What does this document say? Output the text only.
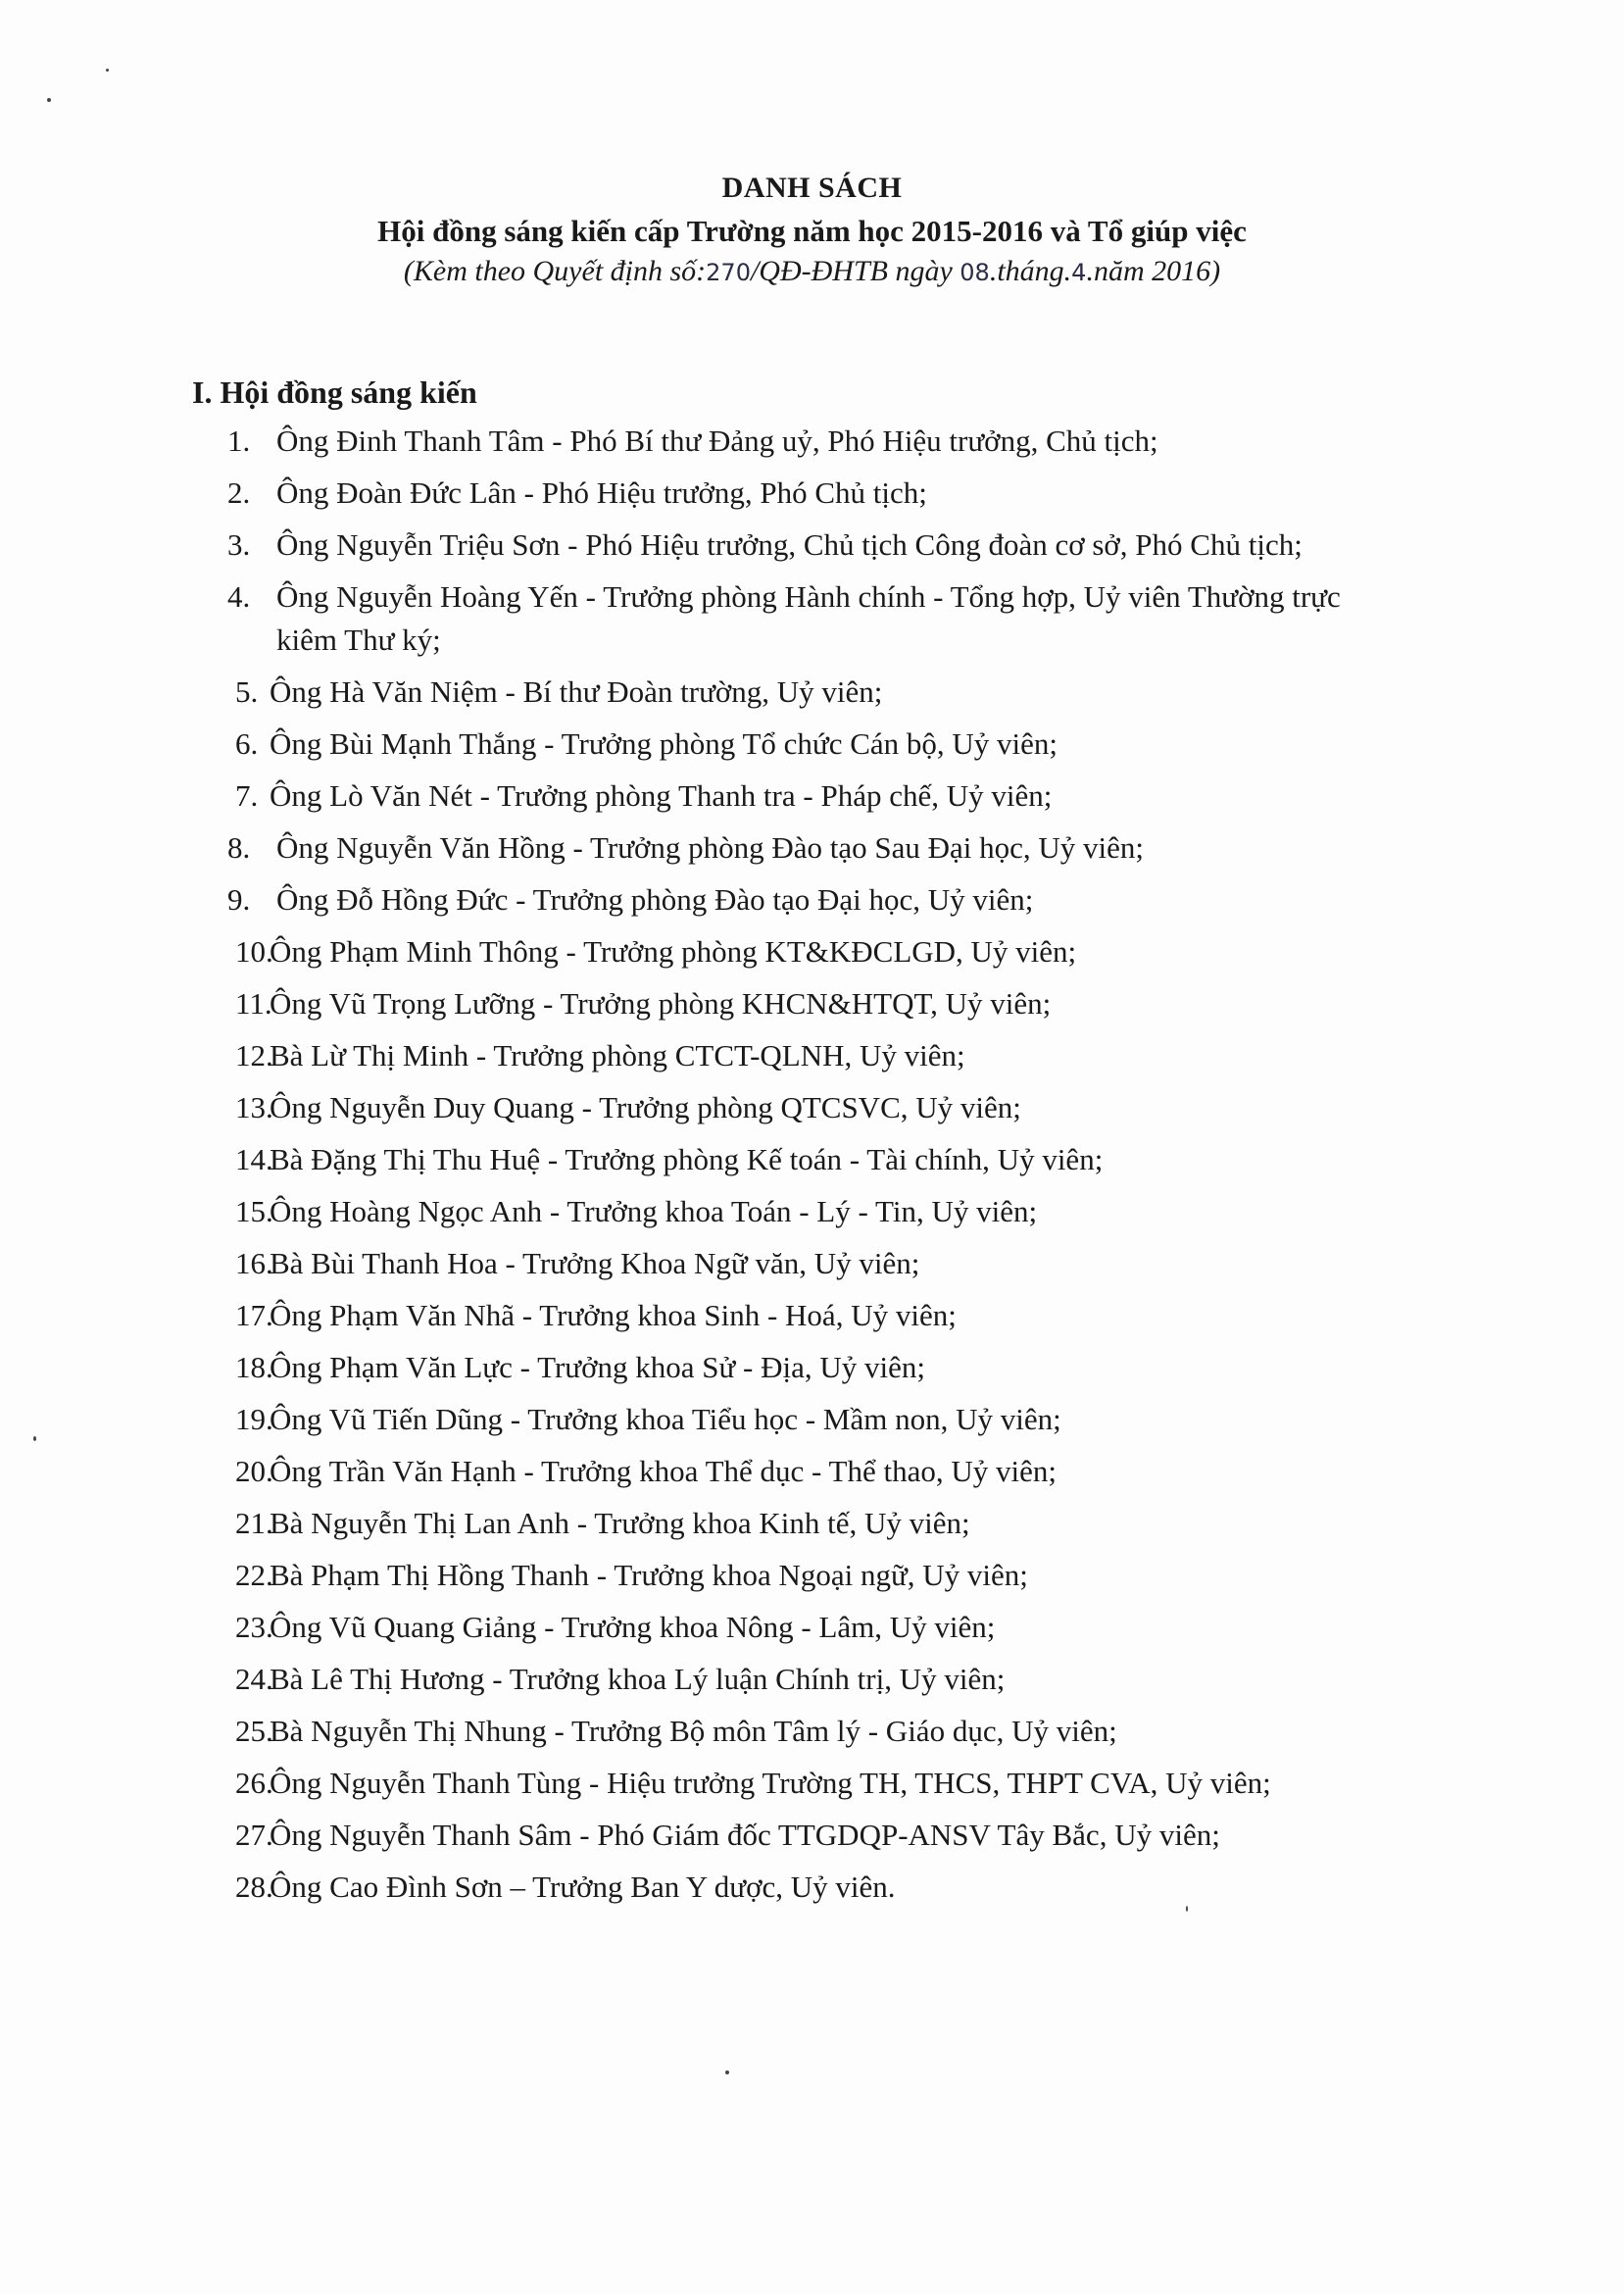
DANH SÁCH
Hội đồng sáng kiến cấp Trường năm học 2015-2016 và Tổ giúp việc
(Kèm theo Quyết định số:270/QĐ-ĐHTB ngày 08.tháng.4.năm 2016)
I. Hội đồng sáng kiến
1. Ông Đinh Thanh Tâm - Phó Bí thư Đảng uỷ, Phó Hiệu trưởng, Chủ tịch;
2. Ông Đoàn Đức Lân - Phó Hiệu trưởng, Phó Chủ tịch;
3. Ông Nguyễn Triệu Sơn - Phó Hiệu trưởng, Chủ tịch Công đoàn cơ sở, Phó Chủ tịch;
4. Ông Nguyễn Hoàng Yến - Trưởng phòng Hành chính - Tổng hợp, Uỷ viên Thường trực kiêm Thư ký;
5. Ông Hà Văn Niệm - Bí thư Đoàn trường, Uỷ viên;
6. Ông Bùi Mạnh Thắng - Trưởng phòng Tổ chức Cán bộ, Uỷ viên;
7. Ông Lò Văn Nét - Trưởng phòng Thanh tra - Pháp chế, Uỷ viên;
8. Ông Nguyễn Văn Hồng - Trưởng phòng Đào tạo Sau Đại học, Uỷ viên;
9. Ông Đỗ Hồng Đức - Trưởng phòng Đào tạo Đại học, Uỷ viên;
10.
Ông Phạm Minh Thông - Trưởng phòng KT&KĐCLGD, Uỷ viên;
11.
Ông Vũ Trọng Lưỡng - Trưởng phòng KHCN&HTQT, Uỷ viên;
12.
Bà Lừ Thị Minh - Trưởng phòng CTCT-QLNH, Uỷ viên;
13.
Ông Nguyễn Duy Quang - Trưởng phòng QTCSVC, Uỷ viên;
14.
Bà Đặng Thị Thu Huệ - Trưởng phòng Kế toán - Tài chính, Uỷ viên;
15.
Ông Hoàng Ngọc Anh - Trưởng khoa Toán - Lý - Tin, Uỷ viên;
16.
Bà Bùi Thanh Hoa - Trưởng Khoa Ngữ văn, Uỷ viên;
17.
Ông Phạm Văn Nhã - Trưởng khoa Sinh - Hoá, Uỷ viên;
18.
Ông Phạm Văn Lực - Trưởng khoa Sử - Địa, Uỷ viên;
19.
Ông Vũ Tiến Dũng - Trưởng khoa Tiểu học - Mầm non, Uỷ viên;
20.
Ông Trần Văn Hạnh - Trưởng khoa Thể dục - Thể thao, Uỷ viên;
21.
Bà Nguyễn Thị Lan Anh - Trưởng khoa Kinh tế, Uỷ viên;
22.
Bà Phạm Thị Hồng Thanh - Trưởng khoa Ngoại ngữ, Uỷ viên;
23.
Ông Vũ Quang Giảng - Trưởng khoa Nông - Lâm, Uỷ viên;
24.
Bà Lê Thị Hương - Trưởng khoa Lý luận Chính trị, Uỷ viên;
25.
Bà Nguyễn Thị Nhung - Trưởng Bộ môn Tâm lý - Giáo dục, Uỷ viên;
26.
Ông Nguyễn Thanh Tùng - Hiệu trưởng Trường TH, THCS, THPT CVA, Uỷ viên;
27.
Ông Nguyễn Thanh Sâm - Phó Giám đốc TTGDQP-ANSV Tây Bắc, Uỷ viên;
28.
Ông Cao Đình Sơn – Trưởng Ban Y dược, Uỷ viên.
